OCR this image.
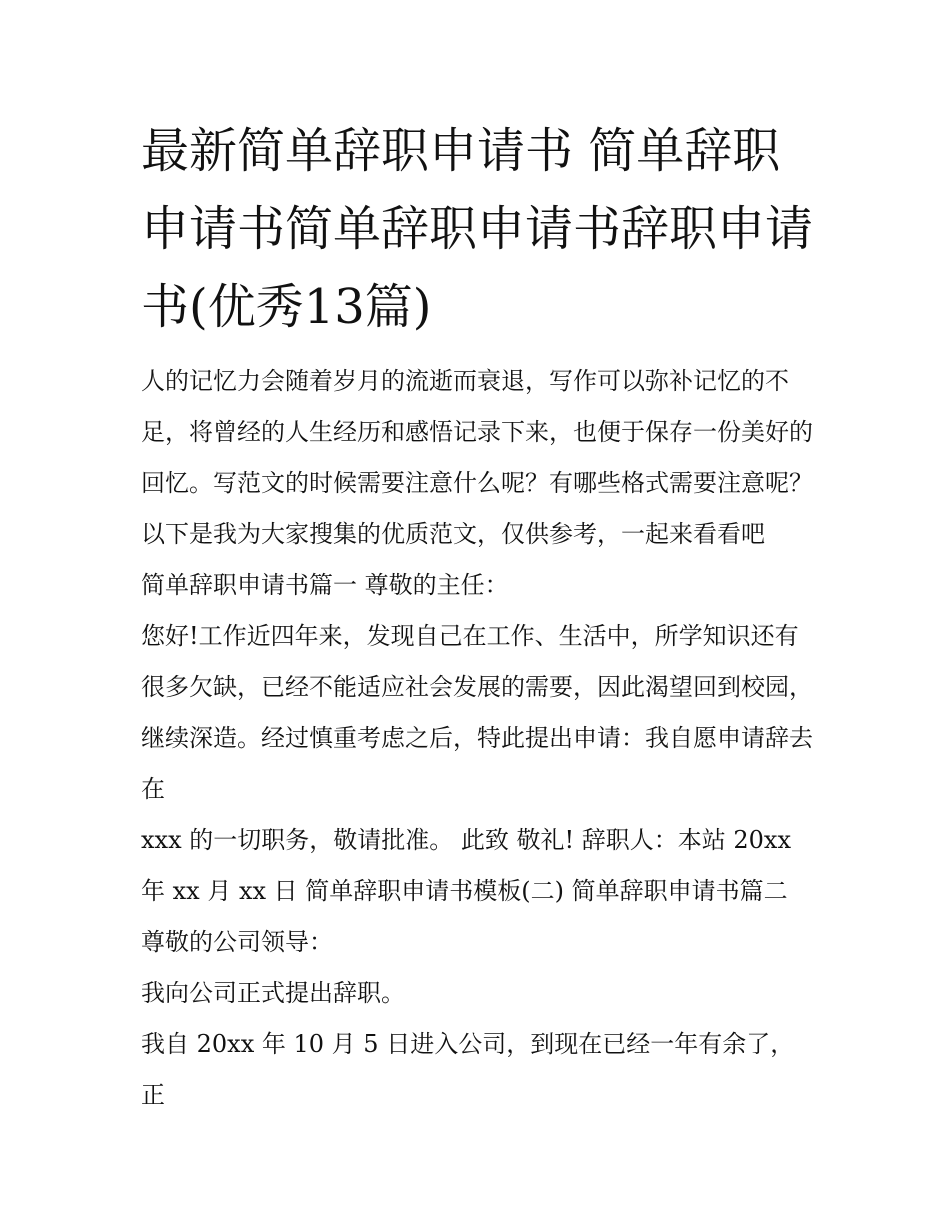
最新简单辞职申请书 简单辞职申请书简单辞职申请书辞职申请书(优秀13篇)

人的记忆力会随着岁月的流逝而衰退，写作可以弥补记忆的不足，将曾经的人生经历和感悟记录下来，也便于保存一份美好的回忆。写范文的时候需要注意什么呢？有哪些格式需要注意呢？以下是我为大家搜集的优质范文，仅供参考，一起来看看吧

简单辞职申请书篇一 尊敬的主任：

您好!工作近四年来，发现自己在工作、生活中，所学知识还有很多欠缺，已经不能适应社会发展的需要，因此渴望回到校园，继续深造。经过慎重考虑之后，特此提出申请：我自愿申请辞去在

xxx 的一切职务，敬请批准。 此致 敬礼! 辞职人：本站 20xx 年 xx 月 xx 日 简单辞职申请书模板(二) 简单辞职申请书篇二 尊敬的公司领导：

我向公司正式提出辞职。

我自 20xx 年 10 月 5 日进入公司，到现在已经一年有余了，正
